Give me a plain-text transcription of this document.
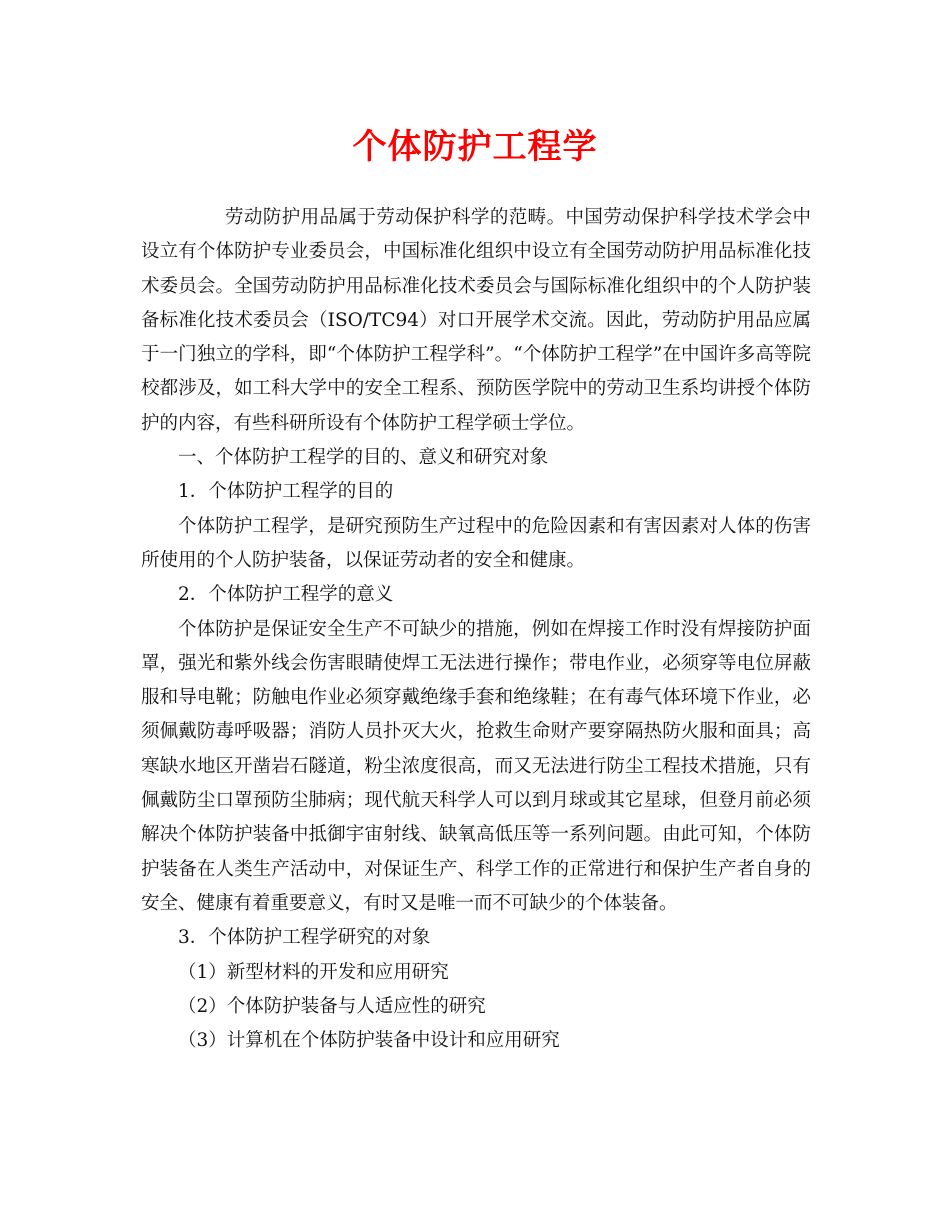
个体防护工程学

劳动防护用品属于劳动保护科学的范畴。中国劳动保护科学技术学会中设立有个体防护专业委员会，中国标准化组织中设立有全国劳动防护用品标准化技术委员会。全国劳动防护用品标准化技术委员会与国际标准化组织中的个人防护装备标准化技术委员会（ISO/TC94）对口开展学术交流。因此，劳动防护用品应属于一门独立的学科，即“个体防护工程学科”。“个体防护工程学”在中国许多高等院校都涉及，如工科大学中的安全工程系、预防医学院中的劳动卫生系均讲授个体防护的内容，有些科研所设有个体防护工程学硕士学位。

一、个体防护工程学的目的、意义和研究对象

1．个体防护工程学的目的

个体防护工程学，是研究预防生产过程中的危险因素和有害因素对人体的伤害所使用的个人防护装备，以保证劳动者的安全和健康。

2．个体防护工程学的意义

个体防护是保证安全生产不可缺少的措施，例如在焊接工作时没有焊接防护面罩，强光和紫外线会伤害眼睛使焊工无法进行操作；带电作业，必须穿等电位屏蔽服和导电靴；防触电作业必须穿戴绝缘手套和绝缘鞋；在有毒气体环境下作业，必须佩戴防毒呼吸器；消防人员扑灭大火，抢救生命财产要穿隔热防火服和面具；高寒缺水地区开凿岩石隧道，粉尘浓度很高，而又无法进行防尘工程技术措施，只有佩戴防尘口罩预防尘肺病；现代航天科学人可以到月球或其它星球，但登月前必须解决个体防护装备中抵御宇宙射线、缺氧高低压等一系列问题。由此可知，个体防护装备在人类生产活动中，对保证生产、科学工作的正常进行和保护生产者自身的安全、健康有着重要意义，有时又是唯一而不可缺少的个体装备。

3．个体防护工程学研究的对象

（1）新型材料的开发和应用研究

（2）个体防护装备与人适应性的研究

（3）计算机在个体防护装备中设计和应用研究
